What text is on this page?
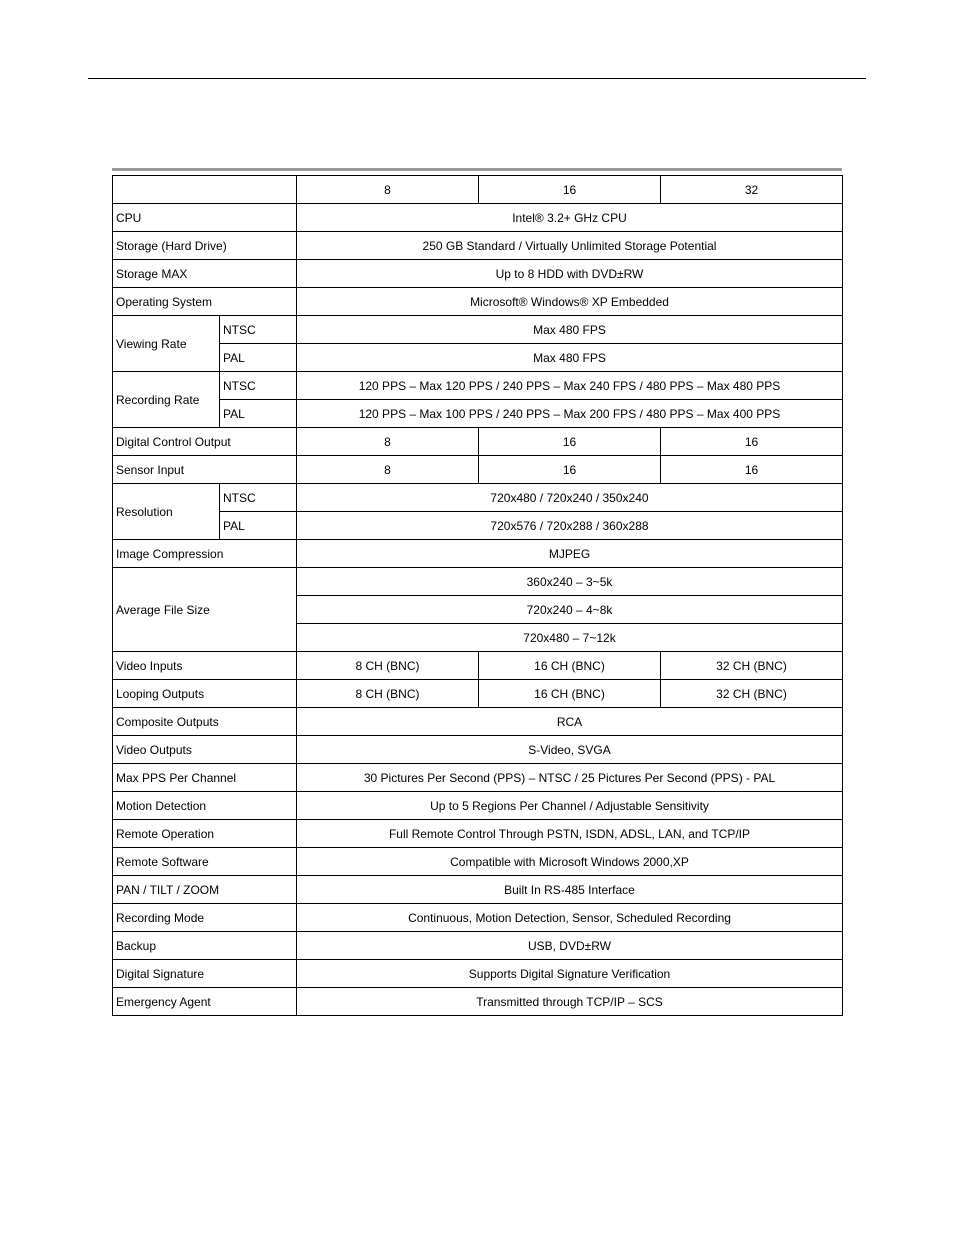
		8	16	32
CPU		Intel® 3.2+ GHz CPU		
Storage (Hard Drive)		250 GB Standard / Virtually Unlimited Storage Potential		
Storage MAX		Up to 8 HDD with DVD±RW		
Operating System		Microsoft® Windows® XP Embedded		
Viewing Rate	NTSC	Max 480 FPS		
	PAL	Max 480 FPS		
Recording Rate	NTSC	120 PPS – Max 120 PPS / 240 PPS – Max 240 FPS / 480 PPS – Max 480 PPS		
	PAL	120 PPS – Max 100 PPS / 240 PPS – Max 200 FPS / 480 PPS – Max 400 PPS		
Digital Control Output		8	16	16
Sensor Input		8	16	16
Resolution	NTSC	720x480 / 720x240 / 350x240		
	PAL	720x576 / 720x288 / 360x288		
Image Compression		MJPEG		
Average File Size		360x240 – 3~5k		
		720x240 – 4~8k		
		720x480 – 7~12k		
Video Inputs		8 CH (BNC)	16 CH (BNC)	32 CH (BNC)
Looping Outputs		8 CH (BNC)	16 CH (BNC)	32 CH (BNC)
Composite Outputs		RCA		
Video Outputs		S-Video, SVGA		
Max PPS Per Channel		30 Pictures Per Second (PPS) – NTSC / 25 Pictures Per Second (PPS) - PAL		
Motion Detection		Up to 5 Regions Per Channel / Adjustable Sensitivity		
Remote Operation		Full Remote Control Through PSTN, ISDN, ADSL, LAN, and TCP/IP		
Remote Software		Compatible with Microsoft Windows 2000,XP		
PAN / TILT / ZOOM		Built In RS-485 Interface		
Recording Mode		Continuous, Motion Detection, Sensor, Scheduled Recording		
Backup		USB, DVD±RW		
Digital Signature		Supports Digital Signature Verification		
Emergency Agent		Transmitted through TCP/IP – SCS		
